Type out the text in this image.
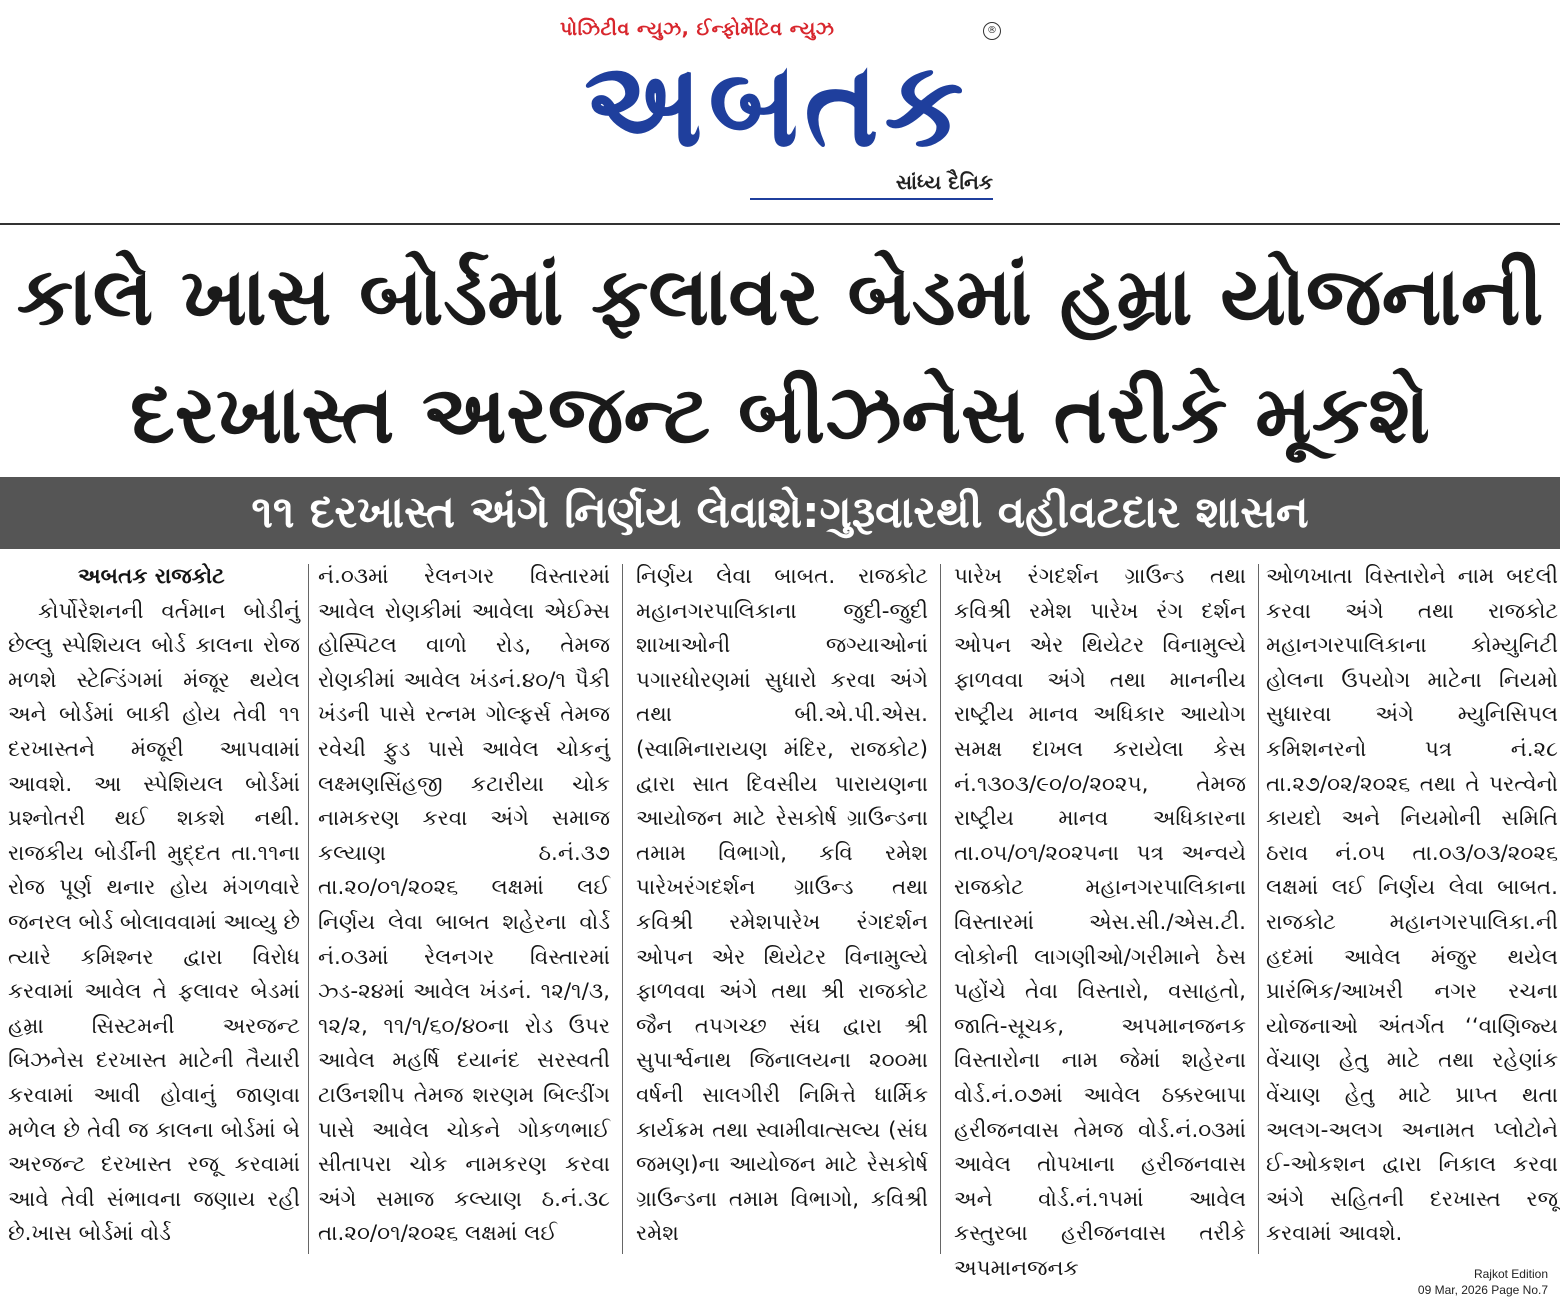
પોઝિટીવ ન્યુઝ, ઈન્ફોર્મેટિવ ન્યુઝ	®
અબતક
સાંધ્ય દૈનિક
કાલે ખાસ બોર્ડમાં ફલાવર બેડમાં હમ્રા યોજનાની
દરખાસ્ત અરજન્ટ બીઝનેસ તરીકે મૂકશે
૧૧ દરખાસ્ત અંગે નિર્ણય લેવાશે:ગુરૂવારથી વહીવટદાર શાસન
અબતક રાજકોટ

કોર્પોરેશનની વર્તમાન બોડીનું છેલ્લુ સ્પેશિયલ બોર્ડ કાલના રોજ મળશે સ્ટેન્ડિંગમાં મંજૂર થયેલ અને બોર્ડમાં બાકી હોય તેવી ૧૧ દરખાસ્તને મંજૂરી આપવામાં આવશે. આ સ્પેશિયલ બોર્ડમાં પ્રશ્નોતરી થઈ શકશે નથી. રાજકીય બોર્ડીની મુદ્દત તા.૧૧ના રોજ પૂર્ણ થનાર હોય મંગળવારે જનરલ બોર્ડ બોલાવવામાં આવ્યુ છે ત્યારે કમિશ્નર દ્વારા વિરોધ કરવામાં આવેલ તે ફલાવર બેડમાં હમ્રા સિસ્ટમની અરજન્ટ બિઝનેસ દરખાસ્ત માટેની તૈયારી કરવામાં આવી હોવાનું જાણવા મળેલ છે તેવી જ કાલના બોર્ડમાં બે અરજન્ટ દરખાસ્ત રજૂ કરવામાં આવે તેવી સંભાવના જણાય રહી છે.ખાસ બોર્ડમાં વોર્ડ

નં.૦૩માં રેલનગર વિસ્તારમાં આવેલ રોણકીમાં આવેલા એઈમ્સ હોસ્પિટલ વાળો રોડ, તેમજ રોણકીમાં આવેલ ખંડનં.૪૦/૧ પૈકી ખંડની પાસે રત્નમ ગોલ્ફર્સ તેમજ રવેચી ફુડ પાસે આવેલ ચોકનું લક્ષ્મણસિંહજી કટારીયા ચોક નામકરણ કરવા અંગે સમાજ કલ્યાણ ઠ.નં.૩૭ તા.૨૦/૦૧/૨૦૨૬ લક્ષમાં લઈ નિર્ણય લેવા બાબત શહેરના વોર્ડ નં.૦૩માં રેલનગર વિસ્તારમાં ઝ્ડ-૨૪માં આવેલ ખંડનં. ૧૨/૧/૩, ૧૨/૨, ૧૧/૧/૬૦/૪૦ના રોડ ઉપર આવેલ મહર્ષિ દયાનંદ સરસ્વતી ટાઉનશીપ તેમજ શરણમ બિલ્ડીંગ પાસે આવેલ ચોકને ગોકળભાઈ સીતાપરા ચોક નામકરણ કરવા અંગે સમાજ કલ્યાણ ઠ.નં.૩૮ તા.૨૦/૦૧/૨૦૨૬ લક્ષમાં લઈ

નિર્ણય લેવા બાબત. રાજકોટ મહાનગરપાલિકાના જુદી-જુદી શાખાઓની જગ્યાઓનાં પગારધોરણમાં સુધારો કરવા અંગે તથા બી.એ.પી.એસ.(સ્વામિનારાયણ મંદિર, રાજકોટ) દ્વારા સાત દિવસીય પારાયણના આયોજન માટે રેસકોર્ષ ગ્રાઉન્ડના તમામ વિભાગો, કવિ રમેશ પારેખરંગદર્શન ગ્રાઉન્ડ તથા કવિશ્રી રમેશપારેખ રંગદર્શન ઓપન એર થિયેટર વિનામુલ્યે ફાળવવા અંગે તથા શ્રી રાજકોટ જૈન તપગચ્છ સંઘ દ્વારા શ્રી સુપાર્શ્વનાથ જિનાલયના ૨૦૦મા વર્ષની સાલગીરી નિમિત્તે ધાર્મિક કાર્યક્રમ તથા સ્વામીવાત્સલ્ય (સંઘ જમણ)ના આયોજન માટે રેસકોર્ષ ગ્રાઉન્ડના તમામ વિભાગો, કવિશ્રી રમેશ

પારેખ રંગદર્શન ગ્રાઉન્ડ તથા કવિશ્રી રમેશ પારેખ રંગ દર્શન ઓપન એર થિયેટર વિનામુલ્યે ફાળવવા અંગે તથા માનનીય રાષ્ટ્રીય માનવ અધિકાર આયોગ સમક્ષ દાખલ કરાયેલા કેસ નં.૧૩૦૩/૯૦/૦/૨૦૨૫, તેમજ રાષ્ટ્રીય માનવ અધિકારના તા.૦૫/૦૧/૨૦૨૫ના પત્ર અન્વયે રાજકોટ મહાનગરપાલિકાના વિસ્તારમાં એસ.સી./એસ.ટી. લોકોની લાગણીઓ/ગરીમાને ઠેસ પહોંચે તેવા વિસ્તારો, વસાહતો, જાતિ-સૂચક, અપમાનજનક વિસ્તારોના નામ જેમાં શહેરના વોર્ડ.નં.૦૭માં આવેલ ઠક્કરબાપા હરીજનવાસ તેમજ વોર્ડ.નં.૦૩માં આવેલ તોપખાના હરીજનવાસ અને વોર્ડ.નં.૧૫માં આવેલ કસ્તુરબા હરીજનવાસ તરીકે અપમાનજનક

ઓળખાતા વિસ્તારોને નામ બદલી કરવા અંગે તથા રાજકોટ મહાનગરપાલિકાના કોમ્યુનિટી હોલના ઉપયોગ માટેના નિયમો સુધારવા અંગે મ્યુનિસિપલ કમિશનરનો પત્ર નં.૨૮ તા.૨૭/૦૨/૨૦૨૬ તથા તે પરત્વેનો કાયદો અને નિયમોની સમિતિ ઠરાવ નં.૦૫ તા.૦૩/૦૩/૨૦૨૬ લક્ષમાં લઈ નિર્ણય લેવા બાબત. રાજકોટ મહાનગરપાલિકા.ની હદમાં આવેલ મંજુર થયેલ પ્રારંભિક/આખરી નગર રચના યોજનાઓ અંતર્ગત ‘‘વાણિજ્ય વેંચાણ હેતુ માટે તથા રહેણાંક વેંચાણ હેતુ માટે પ્રાપ્ત થતા અલગ-અલગ અનામત પ્લોટોને ઈ-ઓકશન દ્વારા નિકાલ કરવા અંગે સહિતની દરખાસ્ત રજૂ કરવામાં આવશે.

Rajkot Edition
09 Mar, 2026 Page No.7
